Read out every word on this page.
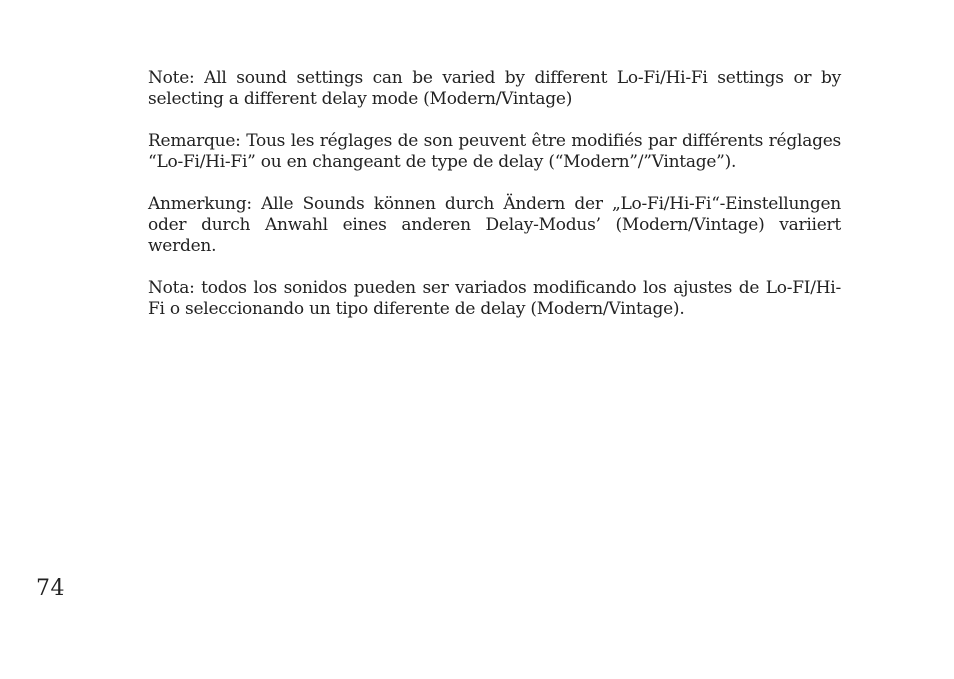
Note: All sound settings can be varied by different Lo-Fi/Hi-Fi settings or by selecting a different delay mode (Modern/Vintage)

Remarque: Tous les réglages de son peuvent être modifiés par différents réglages “Lo-Fi/Hi-Fi” ou en changeant de type de delay (“Modern”/”Vintage”).

Anmerkung: Alle Sounds können durch Ändern der „Lo-Fi/Hi-Fi“-Einstellungen oder durch Anwahl eines anderen Delay-Modus’ (Modern/Vintage) variiert werden.

Nota: todos los sonidos pueden ser variados modificando los ajustes de Lo-FI/Hi-Fi o seleccionando un tipo diferente de delay (Modern/Vintage).

74
